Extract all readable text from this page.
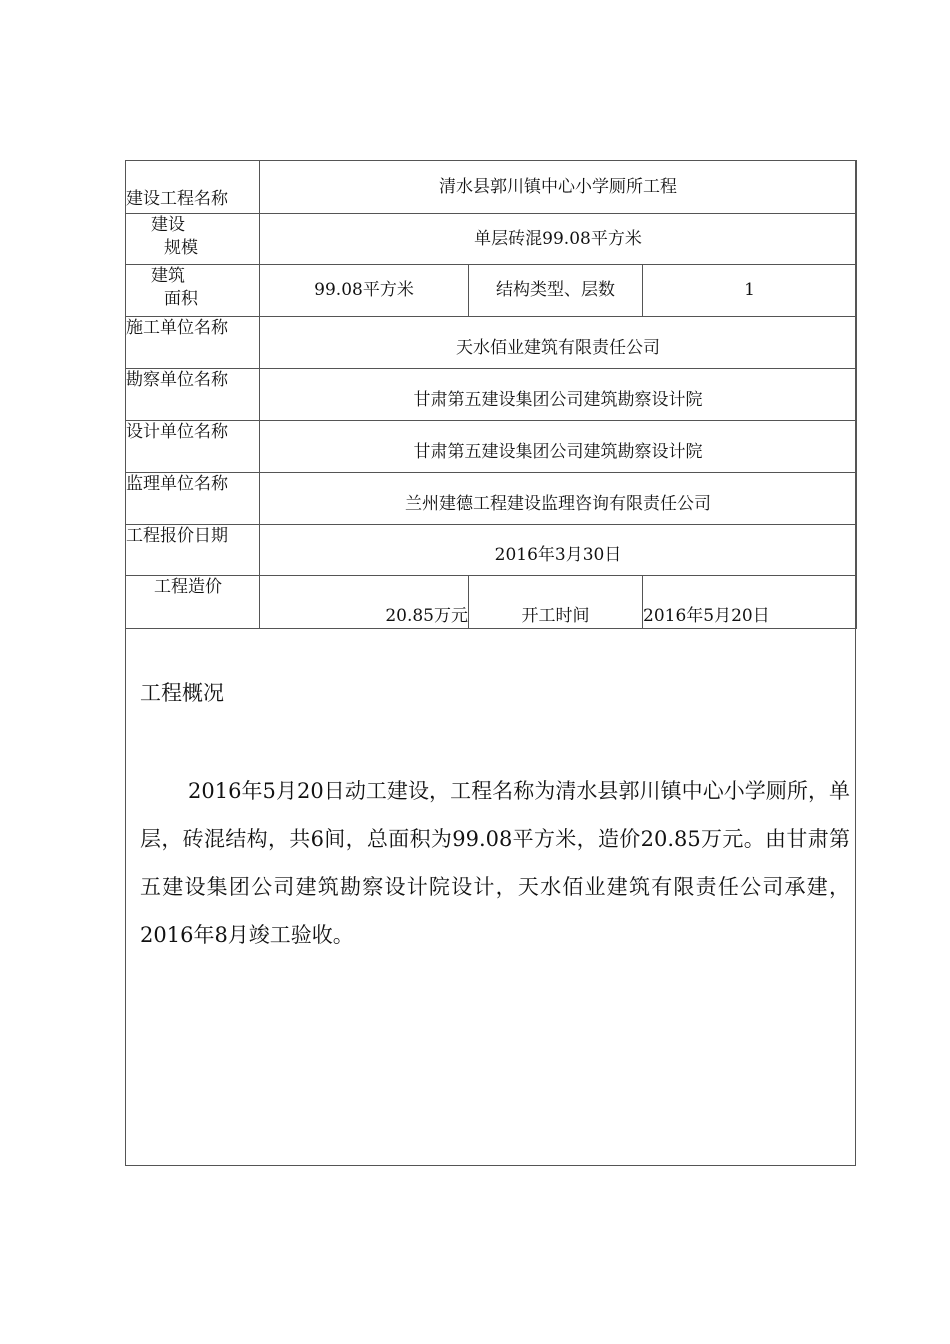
建设工程名称	清水县郭川镇中心小学厕所工程		

建设
规模	单层砖混99.08平方米		

建筑
面积	99.08平方米	结构类型、层数	1
施工单位名称	天水佰业建筑有限责任公司		
勘察单位名称	甘肃第五建设集团公司建筑勘察设计院		
设计单位名称	甘肃第五建设集团公司建筑勘察设计院		
监理单位名称	兰州建德工程建设监理咨询有限责任公司		
工程报价日期	2016年3月30日		
工程造价	20.85万元	开工时间	2016年5月20日

工程概况

2016年5月20日动工建设，工程名称为清水县郭川镇中心小学厕所，单层，砖混结构，共6间，总面积为99.08平方米，造价20.85万元。由甘肃第五建设集团公司建筑勘察设计院设计，天水佰业建筑有限责任公司承建，2016年8月竣工验收。
